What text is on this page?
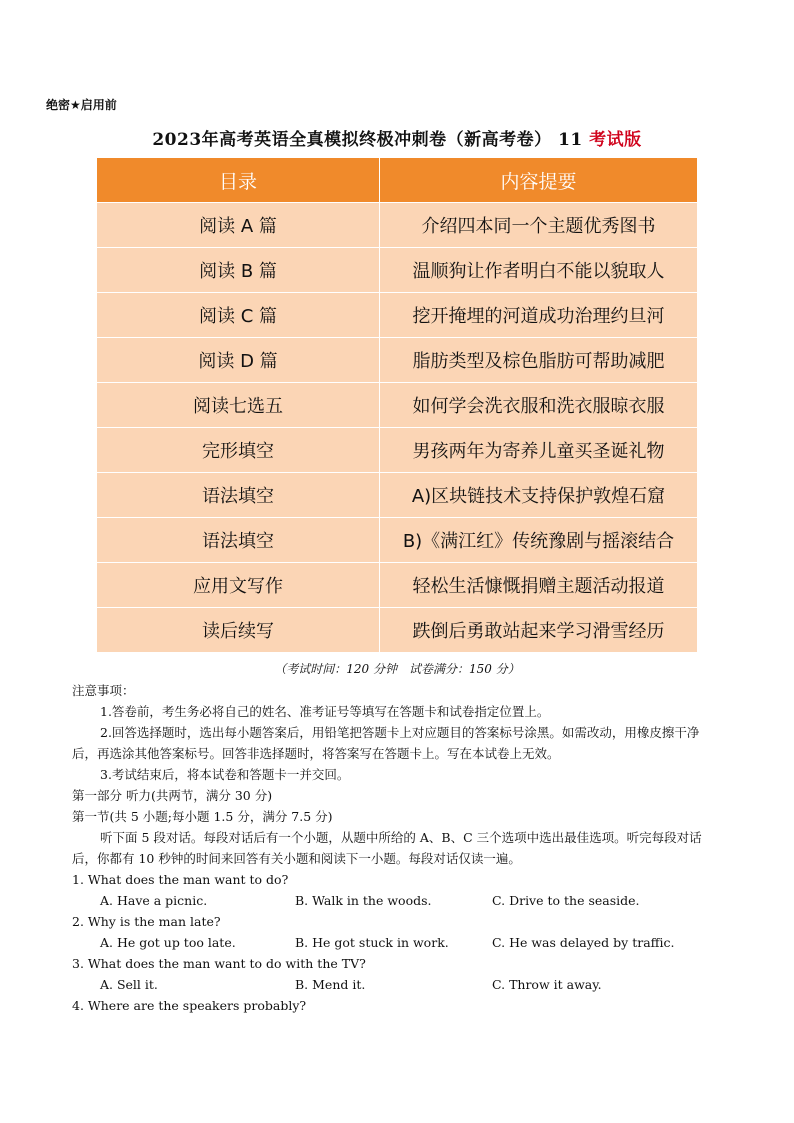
绝密★启用前
2023年高考英语全真模拟终极冲刺卷（新高考卷） 11 考试版
目录	内容提要
阅读 A 篇	介绍四本同一个主题优秀图书
阅读 B 篇	温顺狗让作者明白不能以貌取人
阅读 C 篇	挖开掩埋的河道成功治理约旦河
阅读 D 篇	脂肪类型及棕色脂肪可帮助减肥
阅读七选五	如何学会洗衣服和洗衣服晾衣服
完形填空	男孩两年为寄养儿童买圣诞礼物
语法填空	A)区块链技术支持保护敦煌石窟
语法填空	B)《满江红》传统豫剧与摇滚结合
应用文写作	轻松生活慷慨捐赠主题活动报道
读后续写	跌倒后勇敢站起来学习滑雪经历
（考试时间：120 分钟　试卷满分：150 分）

注意事项：

1.答卷前，考生务必将自己的姓名、准考证号等填写在答题卡和试卷指定位置上。

2.回答选择题时，选出每小题答案后，用铅笔把答题卡上对应题目的答案标号涂黑。如需改动，用橡皮擦干净后，再选涂其他答案标号。回答非选择题时，将答案写在答题卡上。写在本试卷上无效。

3.考试结束后，将本试卷和答题卡一并交回。

第一部分 听力(共两节，满分 30 分)

第一节(共 5 小题;每小题 1.5 分，满分 7.5 分)

听下面 5 段对话。每段对话后有一个小题，从题中所给的 A、B、C 三个选项中选出最佳选项。听完每段对话后，你都有 10 秒钟的时间来回答有关小题和阅读下一小题。每段对话仅读一遍。

1. What does the man want to do?

A. Have a picnic.	B. Walk in the woods.	C. Drive to the seaside.

2. Why is the man late?

A. He got up too late.	B. He got stuck in work.	C. He was delayed by traffic.

3. What does the man want to do with the TV?

A. Sell it.	B. Mend it.	C. Throw it away.

4. Where are the speakers probably?
